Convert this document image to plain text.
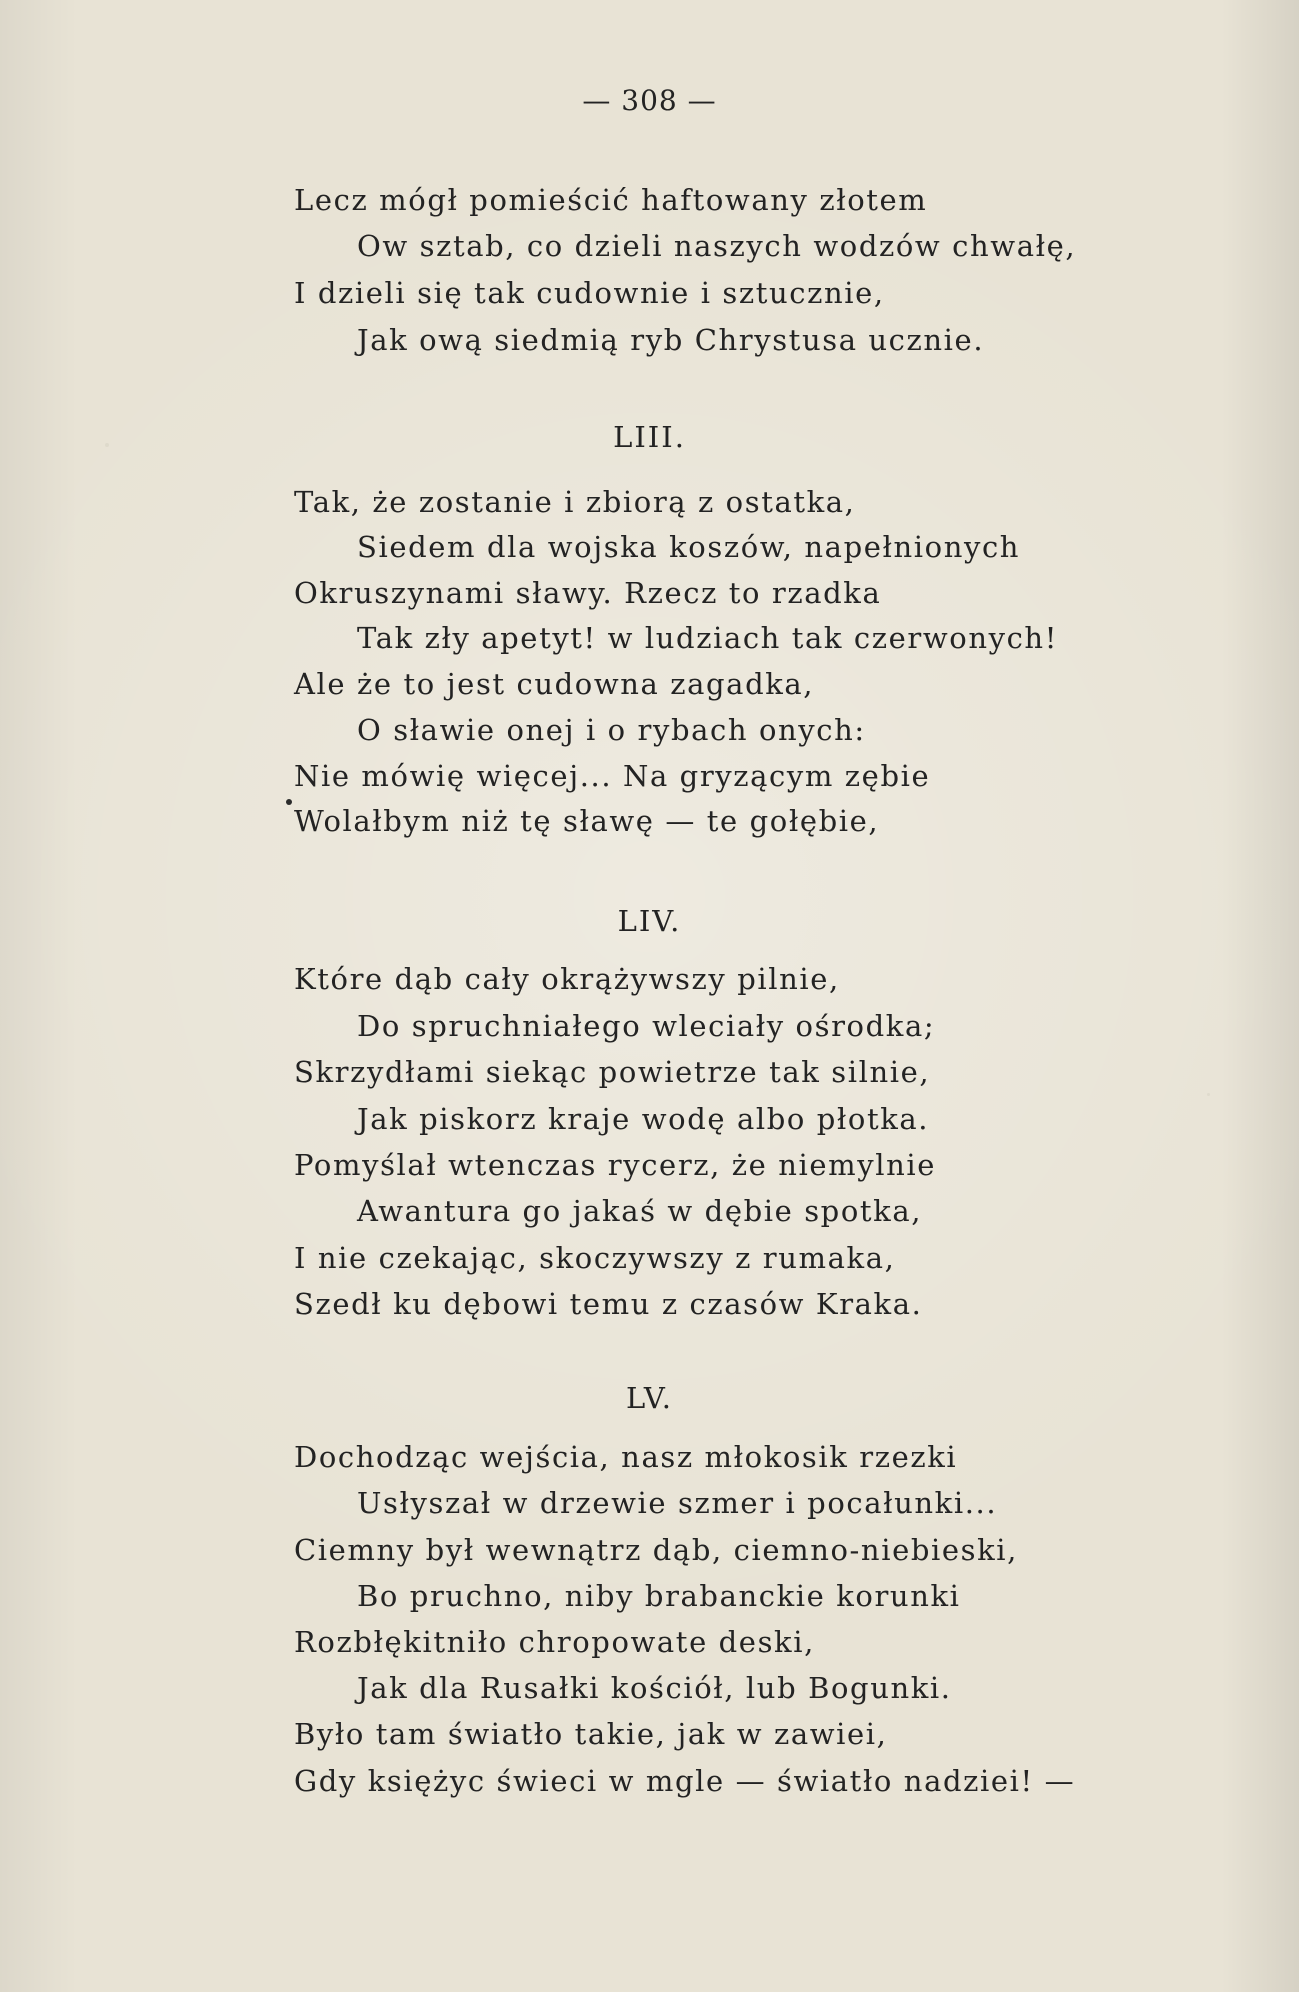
— 308 —
Lecz mógł pomieścić haftowany złotem
Ow sztab, co dzieli naszych wodzów chwałę,
I dzieli się tak cudownie i sztucznie,
Jak ową siedmią ryb Chrystusa ucznie.
LIII.
Tak, że zostanie i zbiorą z ostatka,
Siedem dla wojska koszów, napełnionych
Okruszynami sławy. Rzecz to rzadka
Tak zły apetyt! w ludziach tak czerwonych!
Ale że to jest cudowna zagadka,
O sławie onej i o rybach onych:
Nie mówię więcej... Na gryzącym zębie
Wolałbym niż tę sławę — te gołębie,
LIV.
Które dąb cały okrążywszy pilnie,
Do spruchniałego wleciały ośrodka;
Skrzydłami siekąc powietrze tak silnie,
Jak piskorz kraje wodę albo płotka.
Pomyślał wtenczas rycerz, że niemylnie
Awantura go jakaś w dębie spotka,
I nie czekając, skoczywszy z rumaka,
Szedł ku dębowi temu z czasów Kraka.
LV.
Dochodząc wejścia, nasz młokosik rzezki
Usłyszał w drzewie szmer i pocałunki...
Ciemny był wewnątrz dąb, ciemno-niebieski,
Bo pruchno, niby brabanckie korunki
Rozbłękitniło chropowate deski,
Jak dla Rusałki kościół, lub Bogunki.
Było tam światło takie, jak w zawiei,
Gdy księżyc świeci w mgle — światło nadziei! —
